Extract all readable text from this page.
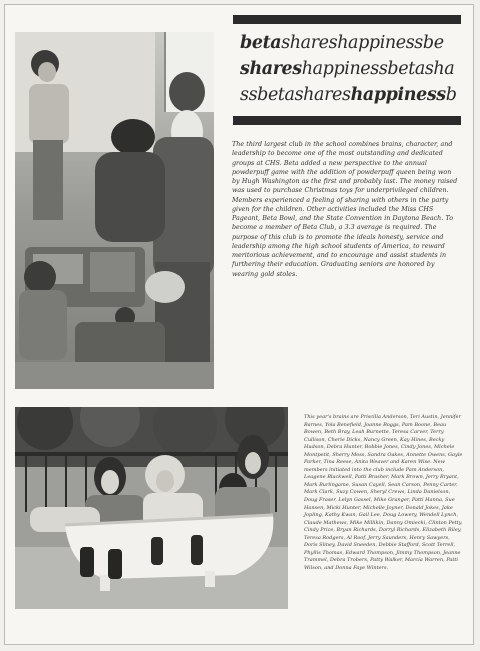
betashareshappinessbe
shareshappinessbetasha
ssbetashareshappinessb
The third largest club in the school combines brains, character, and leadership to become one of the most outstanding and dedicated groups at CHS. Beta added a new perspective to the annual powderpuff game with the addition of powderpuff queen being won by Hugh Washington as the first and probably last. The money raised was used to purchase Christmas toys for underprivileged children. Members experienced a feeling of sharing with others in the party given for the children. Other activities included the Miss CHS Pageant, Beta Bowl, and the State Convention in Daytona Beach. To become a member of Beta Club, a 3.3 average is required. The purpose of this club is to promote the ideals honesty, service and leadership among the high school students of America, to reward meritorious achievement, and to encourage and assist students in furthering their education. Graduating seniors are honored by wearing gold stoles.
This year's brains are Priscilla Anderson, Teri Austin, Jennifer Barnes, Yola Benefield, Joanne Boggs, Pam Boone, Beau Bowen, Beth Bray, Leah Burnette, Teresa Carver, Terry Cullison, Cherie Dicks, Nancy Green, Kay Hines, Becky Hudson, Debra Hunter, Bobbie Jones, Cindy Jones, Michele Montpetit, Sherry Moss, Sandra Oakes, Annette Owens, Gayle Parker, Tina Reese, Anita Weaver and Karen Wise. New members initiated into the club include Pam Anderson, Leagene Blackwell, Patti Brasher, Mark Brown, Jerry Bryant, Mark Burlingame, Susan Cayell, Sean Carson, Penny Carter, Mark Clark, Suzy Cowen, Sheryl Crews, Linda Danielson, Doug Fraser, Lelyn Gassel, Mike Granger, Patti Hanna, Sue Hansen, Micki Hunter, Michelle Joyner, Donald Jokes, Jake Jopling, Kathy Kwan, Gail Lee, Doug Lowery, Wendell Lynch, Claude Mathews, Mike Millikin, Danny Omiecki, Clinton Petty, Cindy Price, Bryan Richards, Darryl Richards, Elizabeth Riley, Teresa Rodgers, Al Roof, Jerry Saunders, Henry Sawyers, Doris Sliney, David Sneeden, Debbie Stafford, Scott Terrell, Phyllis Thomas, Edward Thompson, Jimmy Thompson, Jeanne Trammel, Debra Trobers, Patty Walker, Marcia Warren, Patti Wilson, and Donna Faye Winters.
